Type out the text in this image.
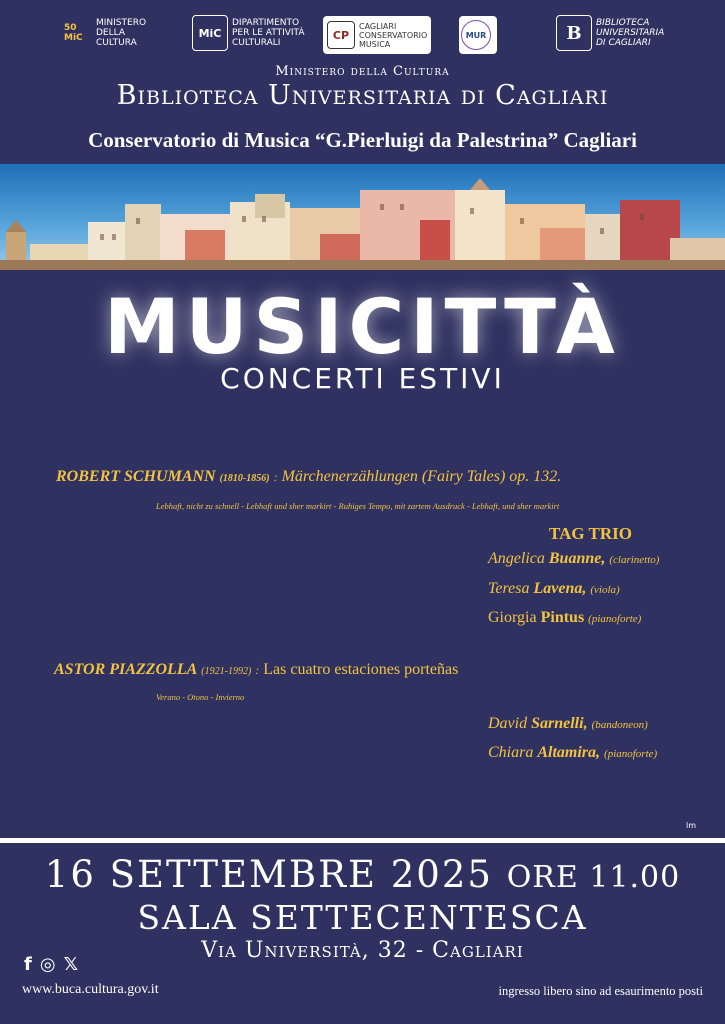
50 MiC
MINISTERO
DELLA
CULTURA
MiC
DIPARTIMENTO
PER LE ATTIVITÀ
CULTURALI
CP
CAGLIARI
CONSERVATORIO
MUSICA
MUR	B	BIBLIOTECA
UNIVERSITARIA
DI CAGLIARI
Ministero della Cultura
Biblioteca Universitaria di Cagliari
Conservatorio di Musica “G.Pierluigi da Palestrina” Cagliari
MUSICITTÀ
CONCERTI ESTIVI
ROBERT SCHUMANN (1810-1856) : Märchenerzählungen (Fairy Tales) op. 132.
Lebhaft, nicht zu schnell - Lebhaft und sher markirt - Ruhiges Tempo, mit zartem Ausdruck - Lebhaft, und sher markirt
TAG TRIO
Angelica Buanne, (clarinetto)
Teresa Lavena, (viola)
Giorgia Pintus (pianoforte)
ASTOR PIAZZOLLA (1921-1992) : Las cuatro estaciones porteñas
Verano - Otono - Invierno
David Sarnelli, (bandoneon)
Chiara Altamira, (pianoforte)
lm
16 SETTEMBRE 2025 ORE 11.00
SALA SETTECENTESCA
Via Università, 32 - Cagliari
f ◎ 𝕏
www.buca.cultura.gov.it	ingresso libero sino ad esaurimento posti
